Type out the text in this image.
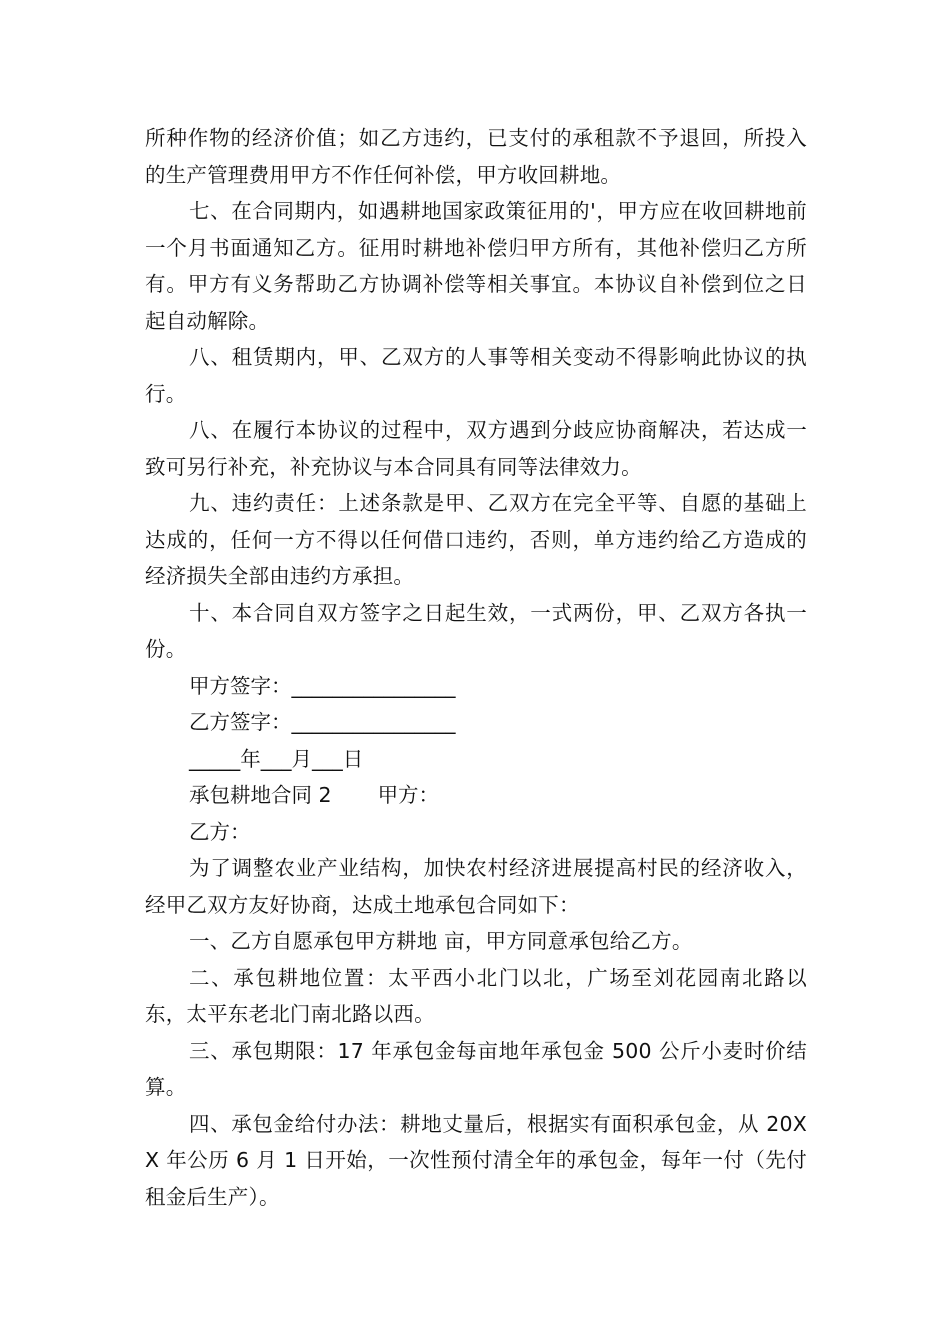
所种作物的经济价值；如乙方违约，已支付的承租款不予退回，所投入的生产管理费用甲方不作任何补偿，甲方收回耕地。

七、在合同期内，如遇耕地国家政策征用的'，甲方应在收回耕地前一个月书面通知乙方。征用时耕地补偿归甲方所有，其他补偿归乙方所有。甲方有义务帮助乙方协调补偿等相关事宜。本协议自补偿到位之日起自动解除。

八、租赁期内，甲、乙双方的人事等相关变动不得影响此协议的执行。

八、在履行本协议的过程中，双方遇到分歧应协商解决，若达成一致可另行补充，补充协议与本合同具有同等法律效力。

九、违约责任：上述条款是甲、乙双方在完全平等、自愿的基础上达成的，任何一方不得以任何借口违约，否则，单方违约给乙方造成的经济损失全部由违约方承担。

十、本合同自双方签字之日起生效，一式两份，甲、乙双方各执一份。

甲方签字：________________
乙方签字：________________
_____年___月___日
承包耕地合同 2 甲方：
乙方：

为了调整农业产业结构，加快农村经济进展提高村民的经济收入，经甲乙双方友好协商，达成土地承包合同如下：

一、乙方自愿承包甲方耕地 亩，甲方同意承包给乙方。

二、承包耕地位置：太平西小北门以北，广场至刘花园南北路以东，太平东老北门南北路以西。

三、承包期限：17 年承包金每亩地年承包金 500 公斤小麦时价结算。

四、承包金给付办法：耕地丈量后，根据实有面积承包金，从 20XX 年公历 6 月 1 日开始，一次性预付清全年的承包金，每年一付（先付租金后生产）。
